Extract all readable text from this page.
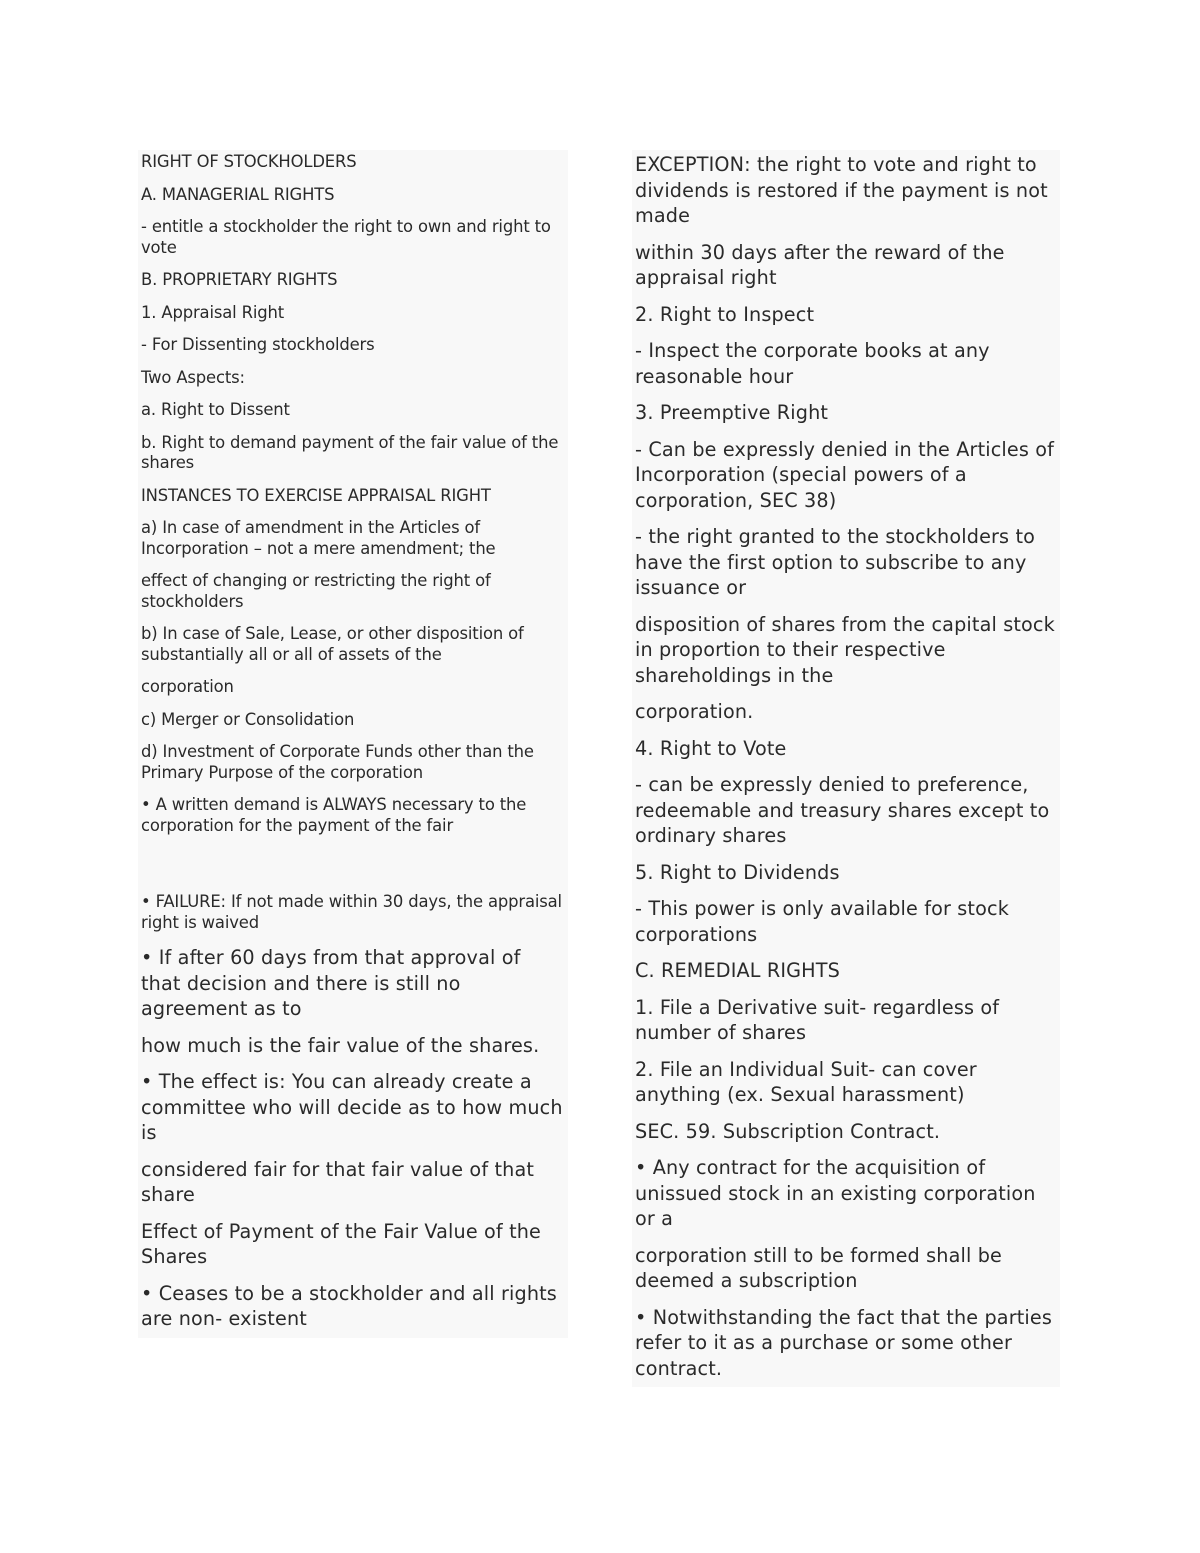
RIGHT OF STOCKHOLDERS

A. MANAGERIAL RIGHTS

- entitle a stockholder the right to own and right to vote

B. PROPRIETARY RIGHTS

1. Appraisal Right

- For Dissenting stockholders

Two Aspects:

a. Right to Dissent

b. Right to demand payment of the fair value of the shares

INSTANCES TO EXERCISE APPRAISAL RIGHT

a) In case of amendment in the Articles of Incorporation – not a mere amendment; the

effect of changing or restricting the right of stockholders

b) In case of Sale, Lease, or other disposition of substantially all or all of assets of the

corporation

c) Merger or Consolidation

d) Investment of Corporate Funds other than the Primary Purpose of the corporation

• A written demand is ALWAYS necessary to the corporation for the payment of the fair

• FAILURE: If not made within 30 days, the appraisal right is waived

• If after 60 days from that approval of that decision and there is still no agreement as to

how much is the fair value of the shares.

• The effect is: You can already create a committee who will decide as to how much is

considered fair for that fair value of that share

Effect of Payment of the Fair Value of the Shares

• Ceases to be a stockholder and all rights are non- existent

EXCEPTION: the right to vote and right to dividends is restored if the payment is not made

within 30 days after the reward of the appraisal right

2. Right to Inspect

- Inspect the corporate books at any reasonable hour

3. Preemptive Right

- Can be expressly denied in the Articles of Incorporation (special powers of a corporation, SEC 38)

- the right granted to the stockholders to have the first option to subscribe to any issuance or

disposition of shares from the capital stock in proportion to their respective shareholdings in the

corporation.

4. Right to Vote

- can be expressly denied to preference, redeemable and treasury shares except to ordinary shares

5. Right to Dividends

- This power is only available for stock corporations

C. REMEDIAL RIGHTS

1. File a Derivative suit- regardless of number of shares

2. File an Individual Suit- can cover anything (ex. Sexual harassment)

SEC. 59. Subscription Contract.

• Any contract for the acquisition of unissued stock in an existing corporation or a

corporation still to be formed shall be deemed a subscription

• Notwithstanding the fact that the parties refer to it as a purchase or some other contract.
